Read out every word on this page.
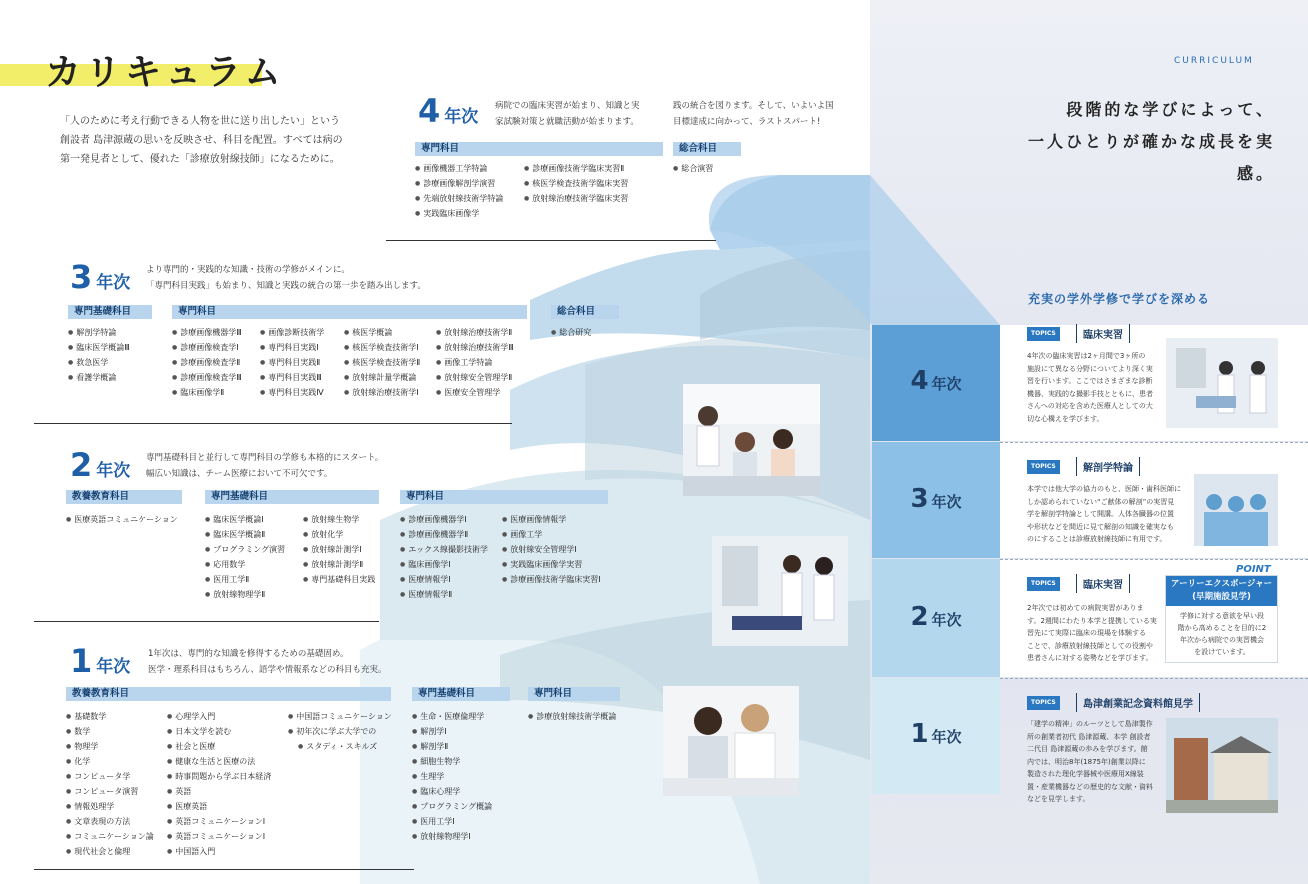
カリキュラム
「人のために考え行動できる人物を世に送り出したい」という
創設者 島津源蔵の思いを反映させ、科目を配置。すべては病の
第一発見者として、優れた「診療放射線技師」になるために。
4 年次
病院での臨床実習が始まり、知識と実
家試験対策と就職活動が始まります。
践の統合を図ります。そして、いよいよ国
目標達成に向かって、ラストスパート!
専門科目	総合科目
● 画像機器工学特論
● 診療画像解剖学演習
● 先端放射線技術学特論
● 実践臨床画像学
● 診療画像技術学臨床実習Ⅱ
● 核医学検査技術学臨床実習
● 放射線治療技術学臨床実習
● 総合演習
3 年次
より専門的・実践的な知識・技術の学修がメインに。
「専門科目実践」も始まり、知識と実践の統合の第一歩を踏み出します。
専門基礎科目	専門科目	総合科目
● 解剖学特論
● 臨床医学概論Ⅲ
● 救急医学
● 看護学概論
● 診療画像機器学Ⅲ
● 診療画像検査学Ⅰ
● 診療画像検査学Ⅱ
● 診療画像検査学Ⅲ
● 臨床画像学Ⅱ
● 画像診断技術学
● 専門科目実践Ⅰ
● 専門科目実践Ⅱ
● 専門科目実践Ⅲ
● 専門科目実践Ⅳ
● 核医学概論
● 核医学検査技術学Ⅰ
● 核医学検査技術学Ⅱ
● 放射線計量学概論
● 放射線治療技術学Ⅰ
● 放射線治療技術学Ⅱ
● 放射線治療技術学Ⅲ
● 画像工学特論
● 放射線安全管理学Ⅱ
● 医療安全管理学
● 総合研究
2 年次
専門基礎科目と並行して専門科目の学修も本格的にスタート。
幅広い知識は、チーム医療において不可欠です。
教養教育科目	専門基礎科目	専門科目
● 医療英語コミュニケーション
●	臨床医学概論Ⅰ
● 臨床医学概論Ⅱ
● プログラミング演習
● 応用数学
● 医用工学Ⅱ
● 放射線物理学Ⅱ
● 放射線生物学
● 放射化学
● 放射線計測学Ⅰ
● 放射線計測学Ⅱ
● 専門基礎科目実践
● 診療画像機器学Ⅰ
● 診療画像機器学Ⅱ
● エックス線撮影技術学
● 臨床画像学Ⅰ
● 医療情報学Ⅰ
● 医療情報学Ⅱ
● 医療画像情報学
● 画像工学
● 放射線安全管理学Ⅰ
● 実践臨床画像学実習
● 診療画像技術学臨床実習Ⅰ
1 年次
1年次は、専門的な知識を修得するための基礎固め。
医学・理系科目はもちろん、語学や情報系などの科目も充実。
教養教育科目	専門基礎科目	専門科目
● 基礎数学
● 数学
● 物理学
● 化学
● コンピュータ学
● コンピュータ演習
● 情報処理学
● 文章表現の方法
● コミュニケーション論
● 現代社会と倫理
● 心理学入門
● 日本文学を読む
● 社会と医療
● 健康な生活と医療の法
● 時事問題から学ぶ日本経済
● 英語
● 医療英語
● 英語コミュニケーションⅠ
● 英語コミュニケーションⅠ
● 中国語入門
● 中国語コミュニケーション
● 初年次に学ぶ大学での
● スタディ・スキルズ
● 生命・医療倫理学
● 解剖学Ⅰ
● 解剖学Ⅱ
● 細胞生物学
● 生理学
● 臨床心理学
● プログラミング概論
● 医用工学Ⅰ
● 放射線物理学Ⅰ
● 診療放射線技術学概論
CURRICULUM
段階的な学びによって、
一人ひとりが確かな成長を実感。
充実の学外学修で学びを深める
4 年次
3 年次
2 年次
1 年次
TOPICS	臨床実習
4年次の臨床実習は2ヶ月間で3ヶ所の
施設にて異なる分野についてより深く実
習を行います。ここではさまざまな診断
機器、実践的な撮影手技とともに、患者
さんへの対応を含めた医療人としての大
切な心構えを学びます。
TOPICS	解剖学特論
本学では他大学の協力のもと、医師・歯科医師に
しか認められていない“ご献体の解剖”の実習見
学を解剖学特論として開講。人体各臓器の位置
や形状などを間近に見て解剖の知識を確実なも
のにすることは診療放射線技師に有用です。
TOPICS	臨床実習
2年次では初めての病院実習がありま
す。2週間にわたり本学と提携している実
習先にて実際に臨床の現場を体験する
ことで、診療放射線技師としての役割や
患者さんに対する姿勢などを学びます。
POINT
アーリーエクスポージャー
(早期施設見学)
学修に対する意欲を早い段
階から高めることを目的に2
年次から病院での実習機会
を設けています。
TOPICS	島津創業記念資料館見学
「建学の精神」のルーツとして島津製作
所の創業者初代 島津源蔵、本学 創設者
二代目 島津源蔵の歩みを学びます。館
内では、明治8年(1875年)創業以降に
製造された理化学器械や医療用X線装
置・産業機器などの歴史的な文献・資料
などを見学します。
